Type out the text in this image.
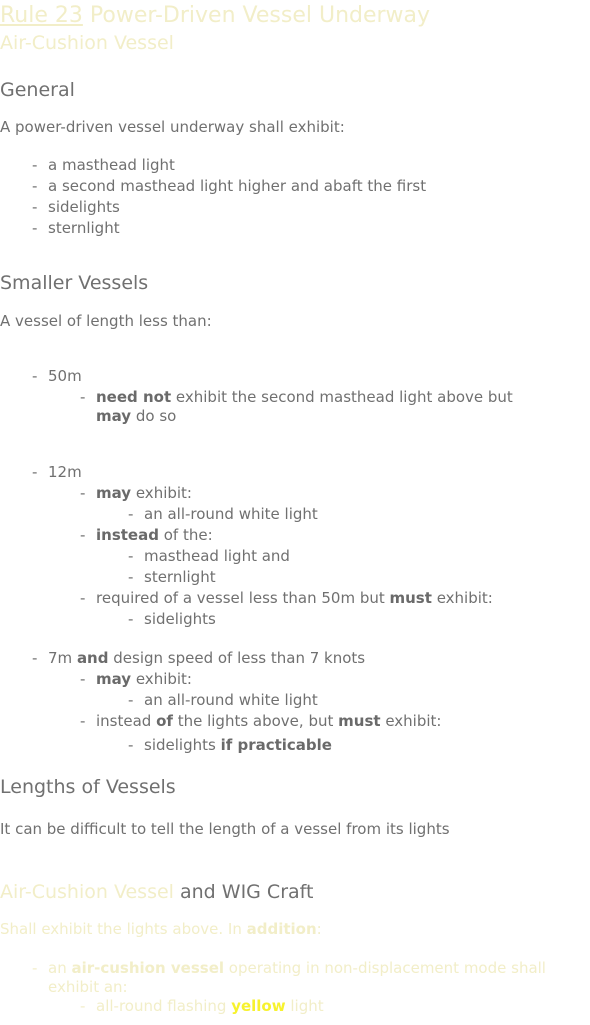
Rule 23 Power-Driven Vessel Underway
Air-Cushion Vessel
General
A power-driven vessel underway shall exhibit:
- a masthead light
- a second masthead light higher and abaft the first
- sidelights
- sternlight
Smaller Vessels
A vessel of length less than:
- 50m
- need not exhibit the second masthead light above but
may do so
- 12m
- may exhibit:
- an all-round white light
- instead of the:
- masthead light and
- sternlight
- required of a vessel less than 50m but must exhibit:
- sidelights
- 7m and design speed of less than 7 knots
- may exhibit:
- an all-round white light
- instead of the lights above, but must exhibit:
- sidelights if practicable
Lengths of Vessels
It can be difficult to tell the length of a vessel from its lights
Air-Cushion Vessel and WIG Craft
Shall exhibit the lights above. In addition:
- an air-cushion vessel operating in non-displacement mode shall
exhibit an:
- all-round flashing yellow light
